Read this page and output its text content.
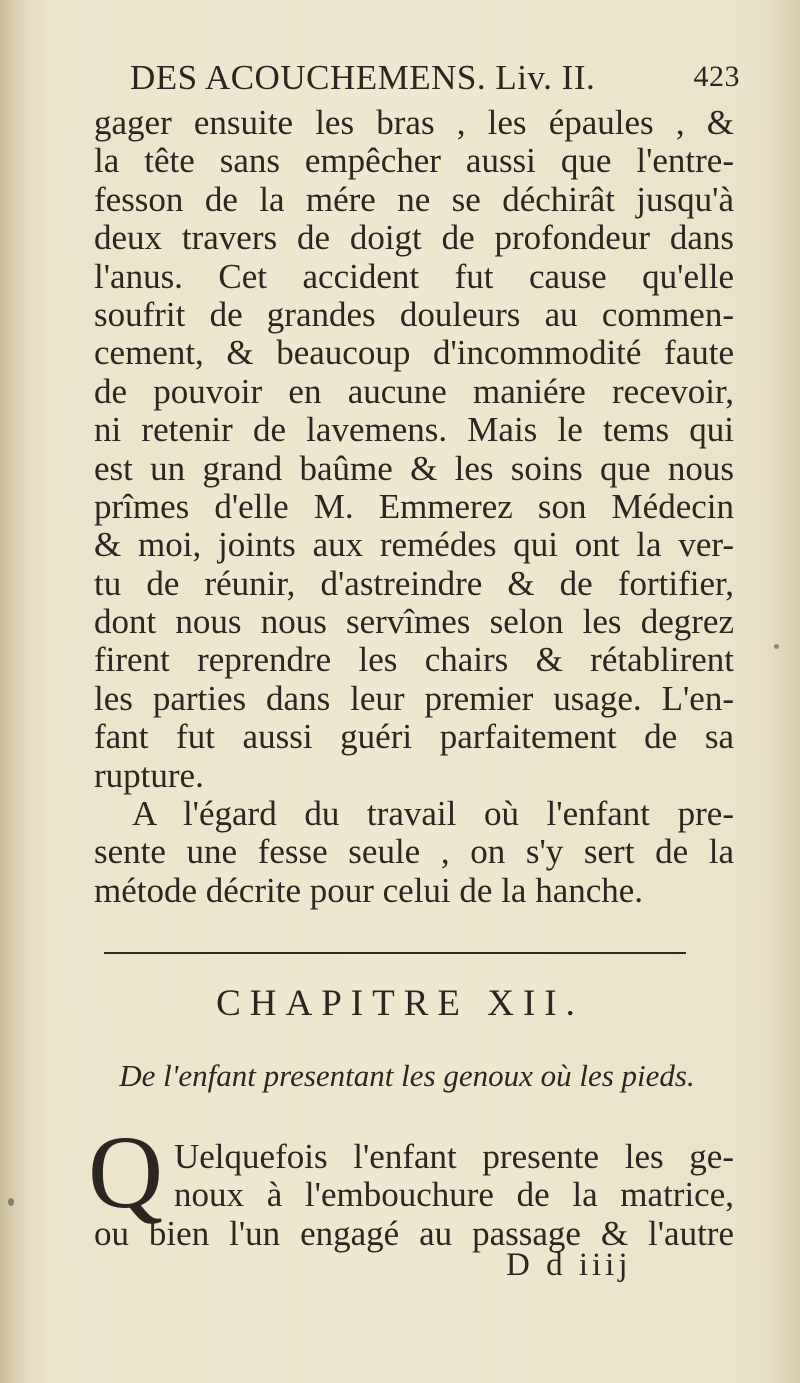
DES ACOUCHEMENS. Liv. II.	423
gager ensuite les bras , les épaules , &
la tête sans empêcher aussi que l'entre-
fesson de la mére ne se déchirât jusqu'à
deux travers de doigt de profondeur dans
l'anus. Cet accident fut cause qu'elle
soufrit de grandes douleurs au commen-
cement, & beaucoup d'incommodité faute
de pouvoir en aucune maniére recevoir,
ni retenir de lavemens. Mais le tems qui
est un grand baûme & les soins que nous
prîmes d'elle M. Emmerez son Médecin
& moi, joints aux remédes qui ont la ver-
tu de réunir, d'astreindre & de fortifier,
dont nous nous servîmes selon les degrez
firent reprendre les chairs & rétablirent
les parties dans leur premier usage. L'en-
fant fut aussi guéri parfaitement de sa
rupture.
A l'égard du travail où l'enfant pre-
sente une fesse seule , on s'y sert de la
métode décrite pour celui de la hanche.
CHAPITRE XII.
De l'enfant presentant les genoux où les pieds.
Q Uelquefois l'enfant presente les ge-
noux à l'embouchure de la matrice,
ou bien l'un engagé au passage & l'autre
D d iiij
